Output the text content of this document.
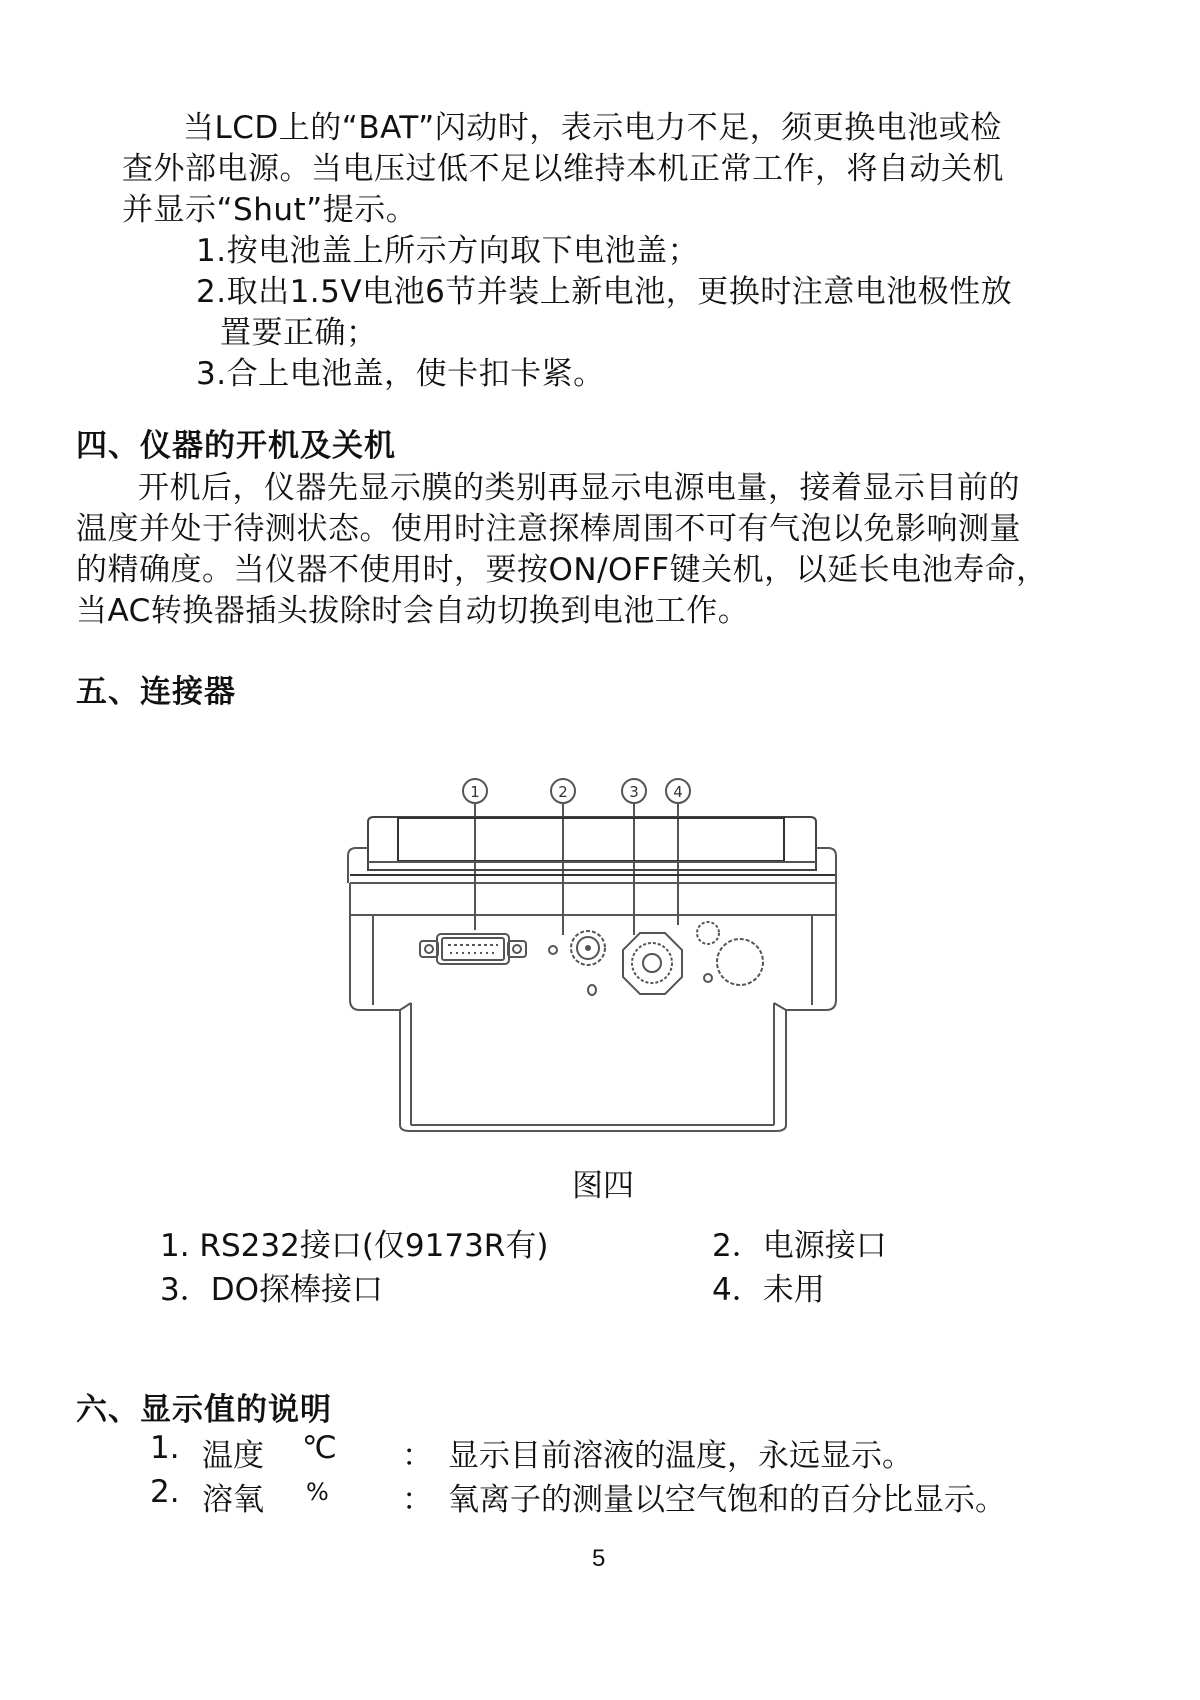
当LCD上的“BAT”闪动时，表示电力不足，须更换电池或检
查外部电源。当电压过低不足以维持本机正常工作，将自动关机
并显示“Shut”提示。
1.按电池盖上所示方向取下电池盖；
2.取出1.5V电池6节并装上新电池，更换时注意电池极性放
置要正确；
3.合上电池盖，使卡扣卡紧。
四、仪器的开机及关机
开机后，仪器先显示膜的类别再显示电源电量，接着显示目前的
温度并处于待测状态。使用时注意探棒周围不可有气泡以免影响测量
的精确度。当仪器不使用时，要按ON/OFF键关机，以延长电池寿命，
当AC转换器插头拔除时会自动切换到电池工作。
五、连接器
1	2	3 4
图四
1. RS232接口(仅9173R有)	2．电源接口
3．DO探棒接口	4．未用
六、显示值的说明
1. 温度 ℃ ： 显示目前溶液的温度，永远显示。
2. 溶氧 % ： 氧离子的测量以空气饱和的百分比显示。
5
